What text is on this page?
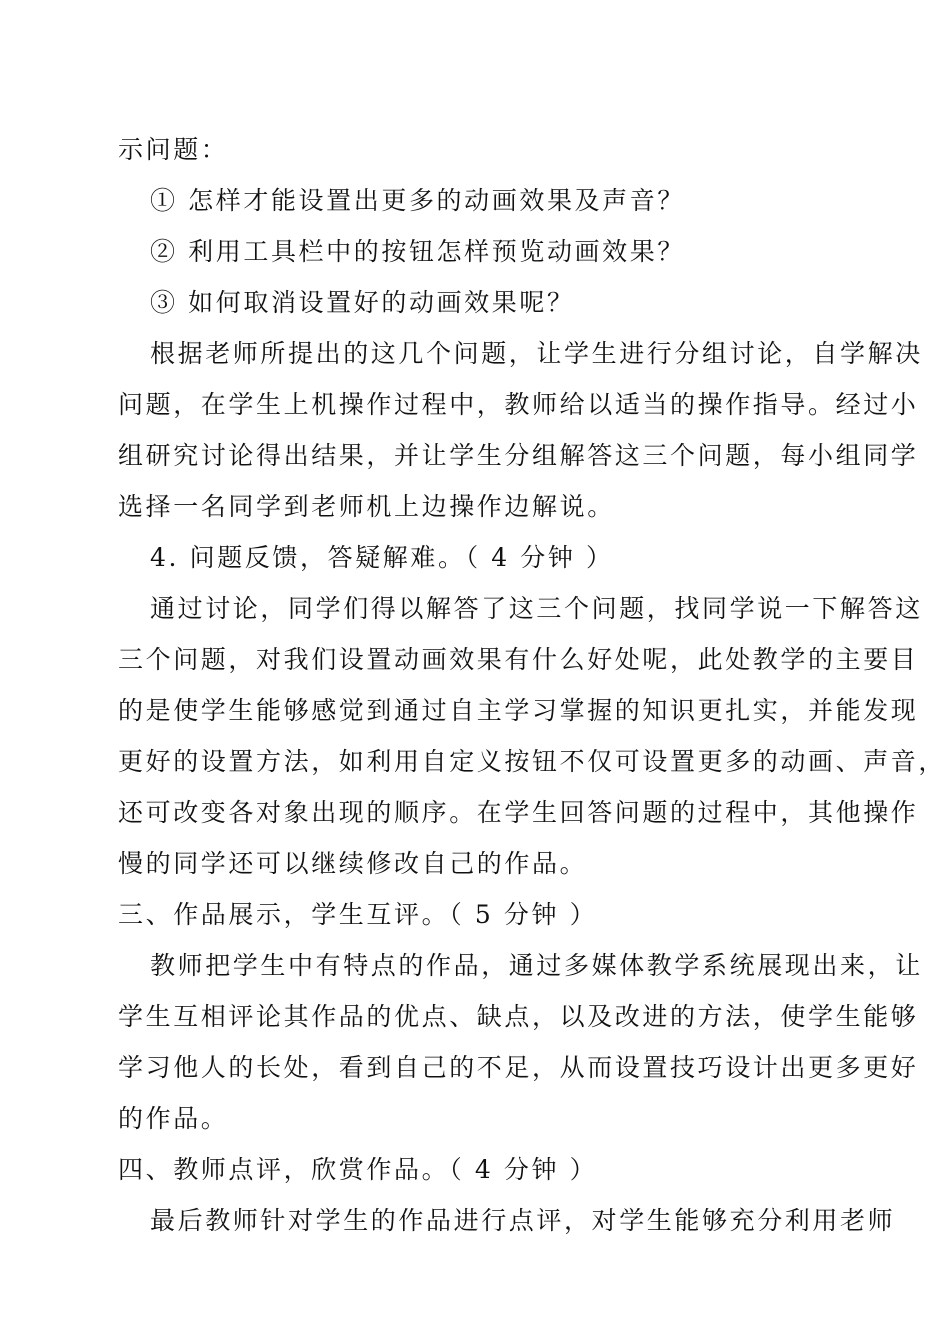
示问题：
① 怎样才能设置出更多的动画效果及声音？
② 利用工具栏中的按钮怎样预览动画效果？
③ 如何取消设置好的动画效果呢？
根据老师所提出的这几个问题，让学生进行分组讨论，自学解决
问题，在学生上机操作过程中，教师给以适当的操作指导。经过小
组研究讨论得出结果，并让学生分组解答这三个问题，每小组同学
选择一名同学到老师机上边操作边解说。
4. 问题反馈，答疑解难。（ 4 分钟 ）
通过讨论，同学们得以解答了这三个问题，找同学说一下解答这
三个问题，对我们设置动画效果有什么好处呢，此处教学的主要目
的是使学生能够感觉到通过自主学习掌握的知识更扎实，并能发现
更好的设置方法，如利用自定义按钮不仅可设置更多的动画、声音，
还可改变各对象出现的顺序。在学生回答问题的过程中，其他操作
慢的同学还可以继续修改自己的作品。
三、作品展示，学生互评。（ 5 分钟 ）
教师把学生中有特点的作品，通过多媒体教学系统展现出来，让
学生互相评论其作品的优点、缺点，以及改进的方法，使学生能够
学习他人的长处，看到自己的不足，从而设置技巧设计出更多更好
的作品。
四、教师点评，欣赏作品。（ 4 分钟 ）
最后教师针对学生的作品进行点评，对学生能够充分利用老师
